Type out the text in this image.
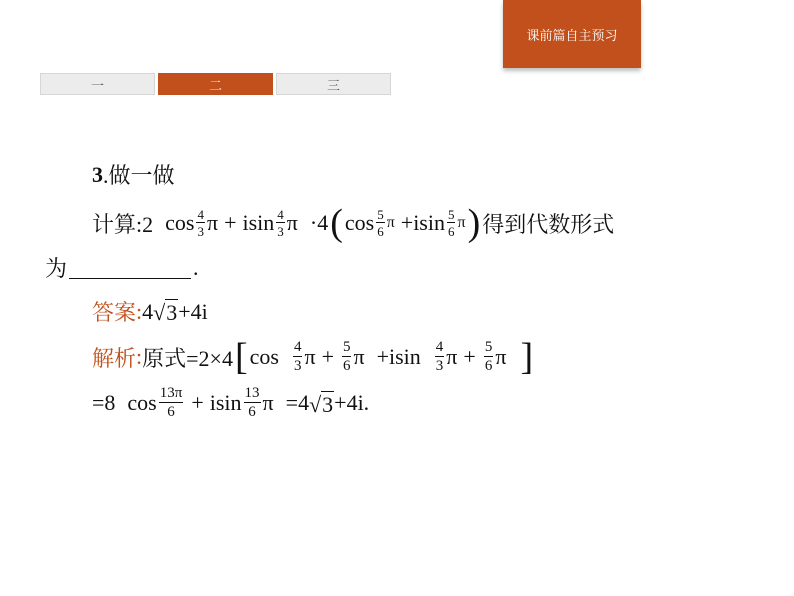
课前篇自主预习
一	二	三
3 .做一做
计算:2 $\cos \frac{4}{3}$ π + isin $\frac{4}{3}$ π ·4 ( $\cos \frac{5}{6}$ $\pi +isin \frac{5}{6}$ π ) 得到代数形式
为	.
答案 : 4 √ 3 +4i
解析 : 原式=2×4 [ $\cos \frac{4}{3}$ $\pi + \frac{5}{6}$ $\pi +isin \frac{4}{3}$ $\pi + \frac{5}{6}$ π ]
=8 $\cos \frac{13\pi}{6} + isin \frac{13}{6}$ π =4 √ 3 +4i.
